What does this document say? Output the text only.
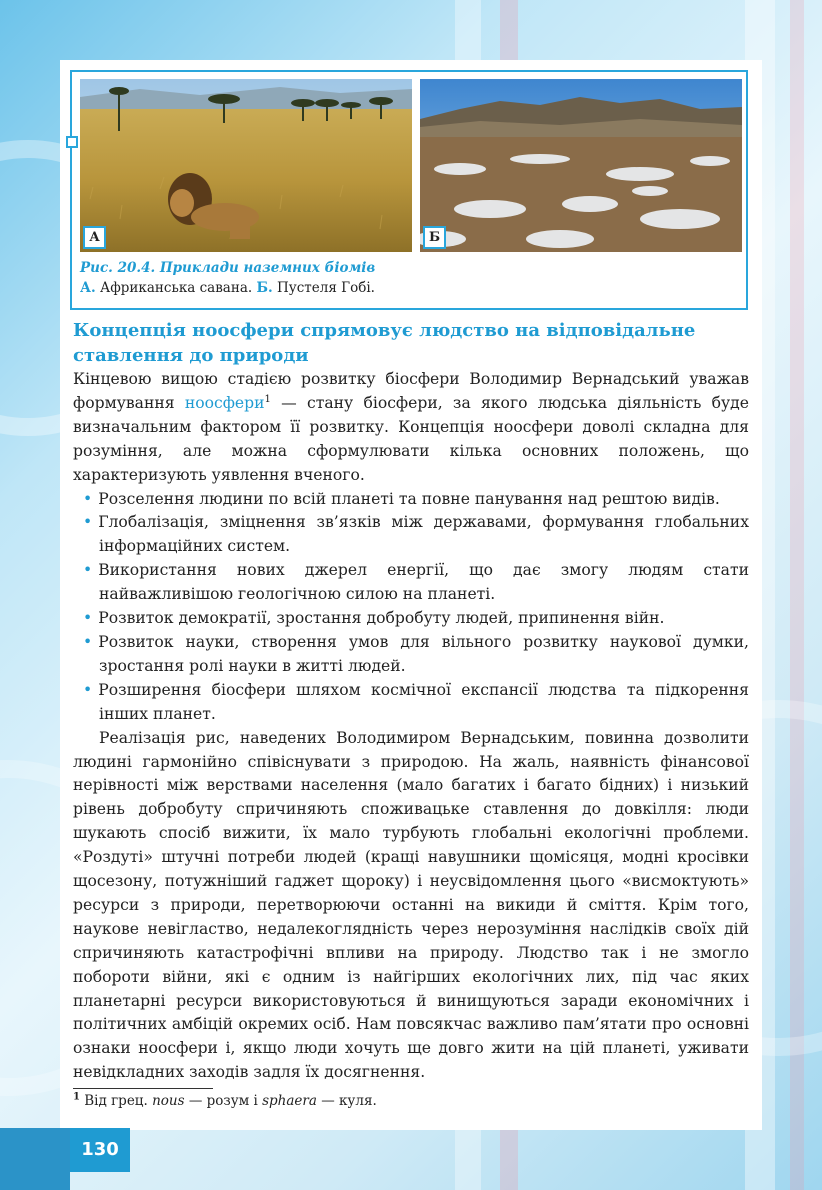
А	Б
Рис. 20.4. Приклади наземних біомів
А. Африканська савана. Б. Пустеля Гобі.
Концепція ноосфери спрямовує людство на відповідальне ставлення до природи

Кінцевою вищою стадією розвитку біосфери Володимир Вернадський уважав формування ноосфери$^1$ — стану біосфери, за якого людська діяльність буде визначальним фактором її розвитку. Концепція ноосфери доволі складна для розуміння, але можна сформулювати кілька основних положень, що характеризують уявлення вченого.

• Розселення людини по всій планеті та повне панування над рештою видів.

• Глобалізація, зміцнення зв’язків між державами, формування глобальних інформаційних систем.

• Використання нових джерел енергії, що дає змогу людям стати найважливішою геологічною силою на планеті.

• Розвиток демократії, зростання добробуту людей, припинення війн.

• Розвиток науки, створення умов для вільного розвитку наукової думки, зростання ролі науки в житті людей.

• Розширення біосфери шляхом космічної експансії людства та підкорення інших планет.

Реалізація рис, наведених Володимиром Вернадським, повинна дозволити людині гармонійно співіснувати з природою. На жаль, наявність фінансової нерівності між верствами населення (мало багатих і багато бідних) і низький рівень добробуту спричиняють споживацьке ставлення до довкілля: люди шукають спосіб вижити, їх мало турбують глобальні екологічні проблеми. «Роздуті» штучні потреби людей (кращі навушники щомісяця, модні кросівки щосезону, потужніший гаджет щороку) і неусвідомлення цього «висмоктують» ресурси з природи, перетворюючи останні на викиди й сміття. Крім того, наукове невігластво, недалекоглядність через нерозуміння наслідків своїх дій спричиняють катастрофічні впливи на природу. Людство так і не змогло побороти війни, які є одним із найгірших екологічних лих, під час яких планетарні ресурси використовуються й винищуються заради економічних і політичних амбіцій окремих осіб. Нам повсякчас важливо пам’ятати про основні ознаки ноосфери і, якщо люди хочуть ще довго жити на цій планеті, уживати невідкладних заходів задля їх досягнення.

$^1$ Від грец. nous — розум і sphaera — куля.
130
